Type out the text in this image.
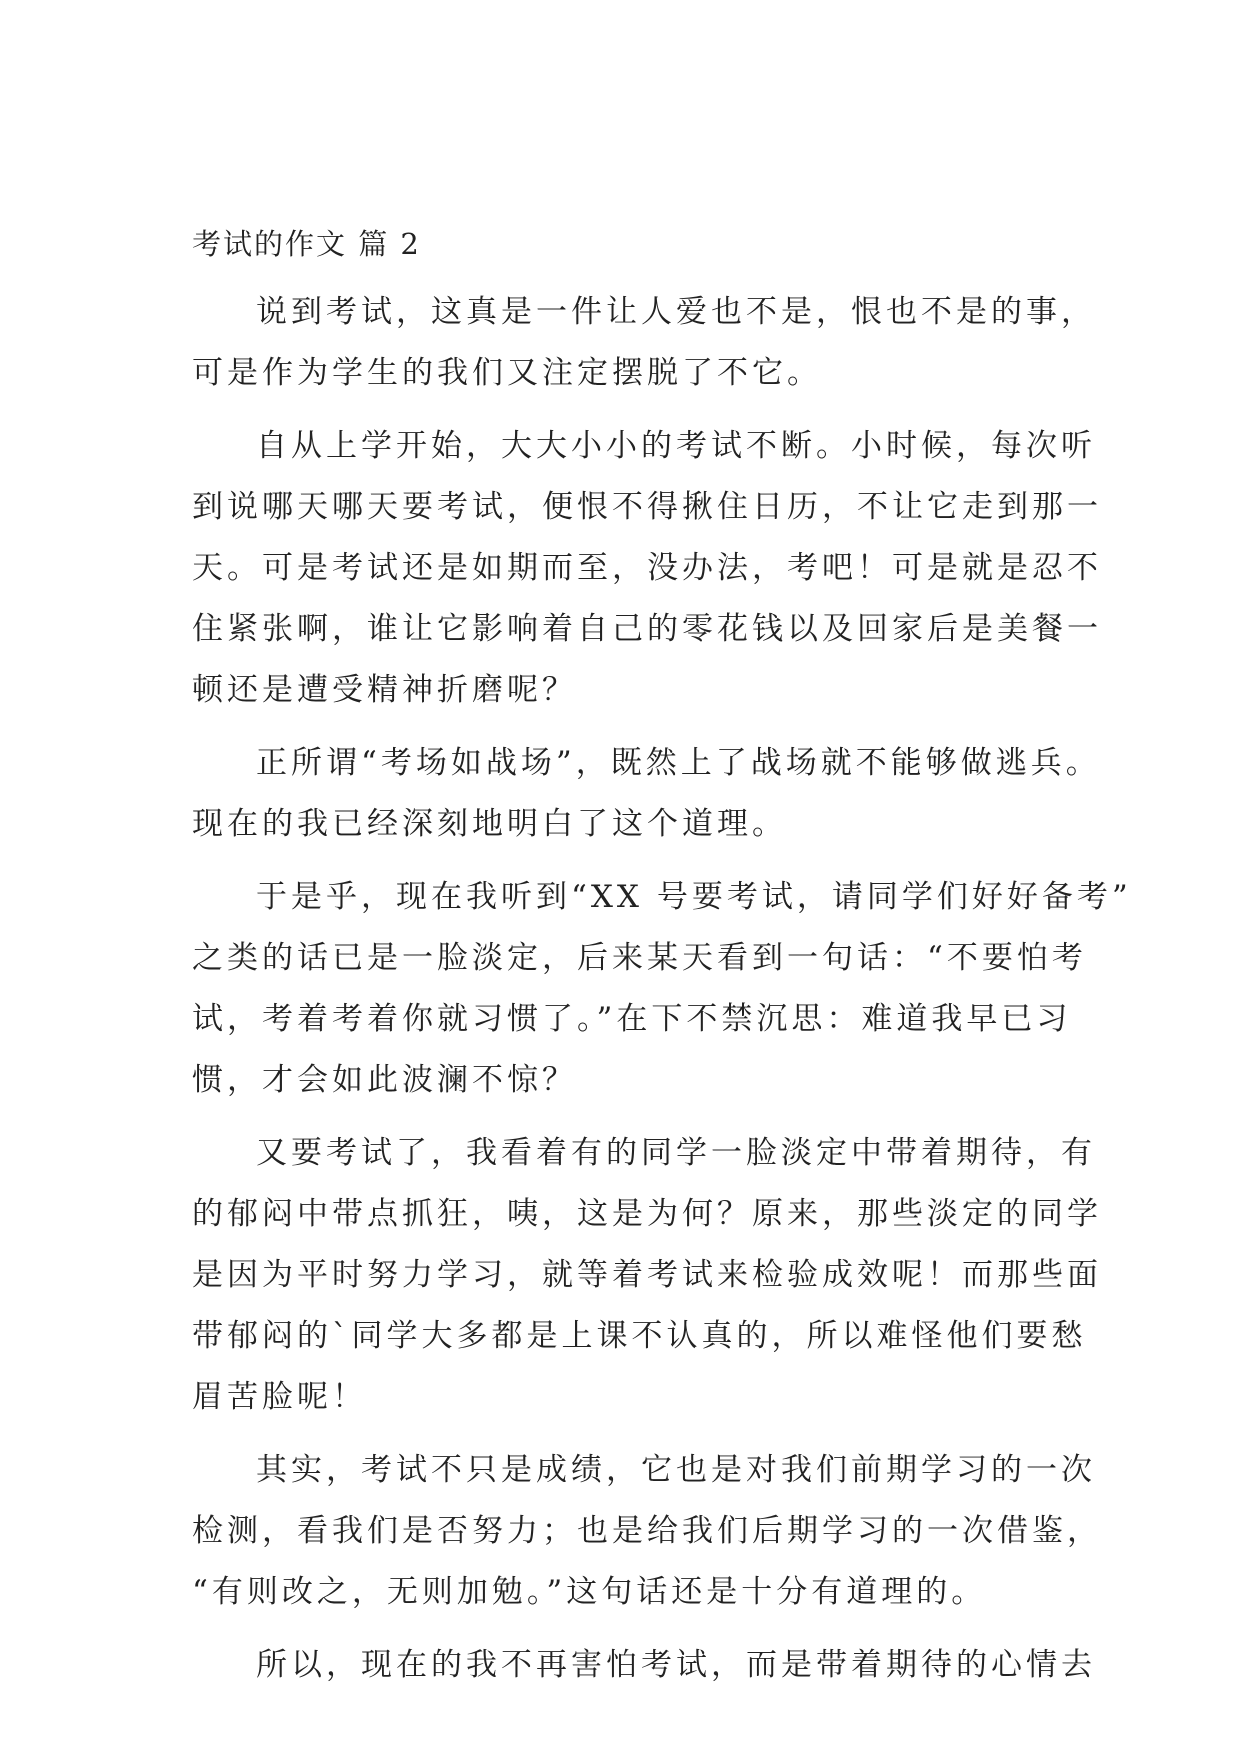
考试的作文 篇 2
说到考试，这真是一件让人爱也不是，恨也不是的事，
可是作为学生的我们又注定摆脱了不它。
自从上学开始，大大小小的考试不断。小时候，每次听
到说哪天哪天要考试，便恨不得揪住日历，不让它走到那一
天。可是考试还是如期而至，没办法，考吧！可是就是忍不
住紧张啊，谁让它影响着自己的零花钱以及回家后是美餐一
顿还是遭受精神折磨呢？
正所谓“考场如战场”，既然上了战场就不能够做逃兵。
现在的我已经深刻地明白了这个道理。
于是乎，现在我听到“XX 号要考试，请同学们好好备考”
之类的话已是一脸淡定，后来某天看到一句话：“不要怕考
试，考着考着你就习惯了。”在下不禁沉思：难道我早已习
惯，才会如此波澜不惊？
又要考试了，我看着有的同学一脸淡定中带着期待，有
的郁闷中带点抓狂，咦，这是为何？原来，那些淡定的同学
是因为平时努力学习，就等着考试来检验成效呢！而那些面
带郁闷的`同学大多都是上课不认真的，所以难怪他们要愁
眉苦脸呢！
其实，考试不只是成绩，它也是对我们前期学习的一次
检测，看我们是否努力；也是给我们后期学习的一次借鉴，
“有则改之，无则加勉。”这句话还是十分有道理的。
所以，现在的我不再害怕考试，而是带着期待的心情去
